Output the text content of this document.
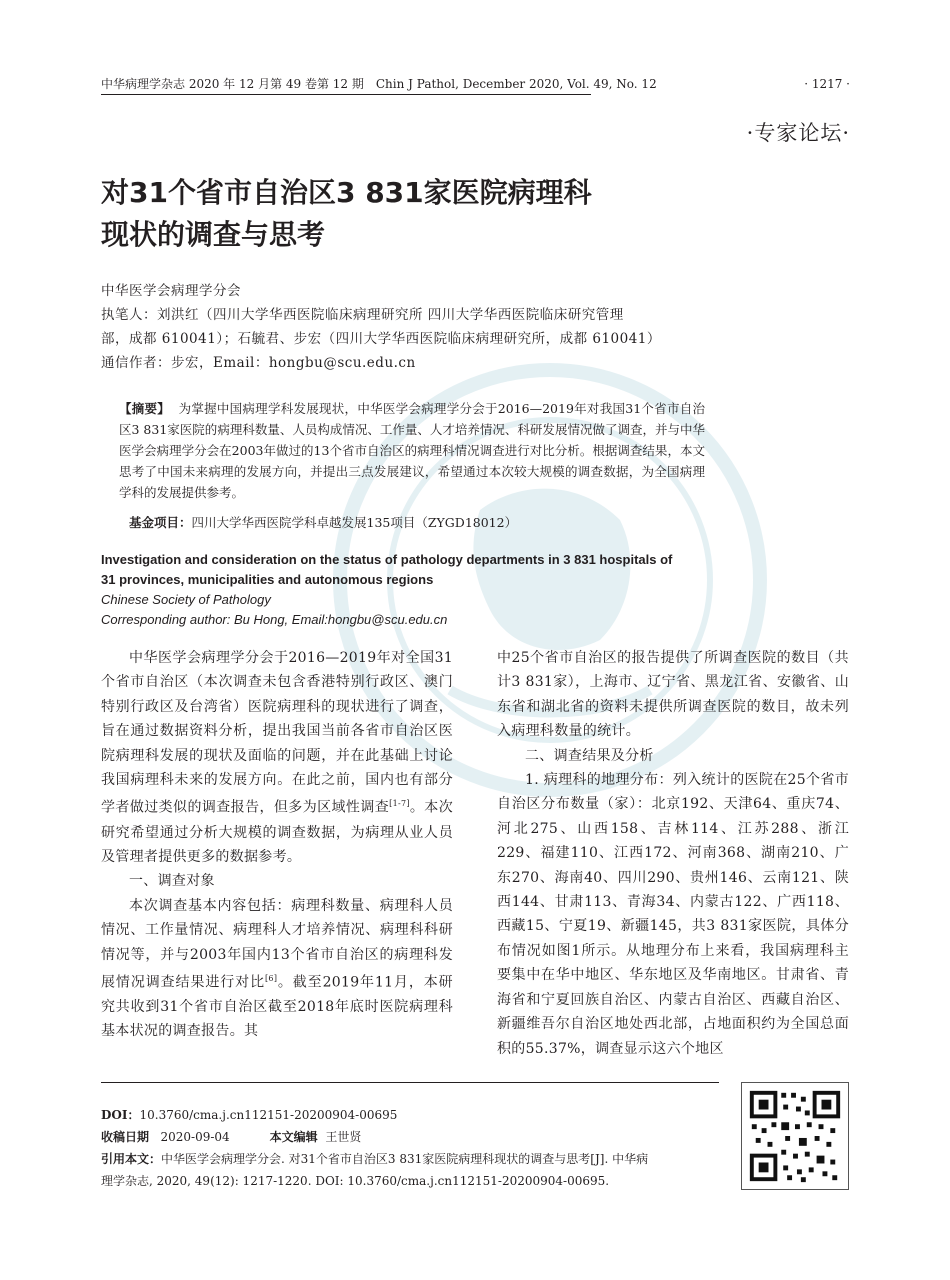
中华病理学杂志 2020 年 12 月第 49 卷第 12 期　Chin J Pathol, December 2020, Vol. 49, No. 12	· 1217 ·
·专家论坛·
对31个省市自治区3 831家医院病理科
现状的调查与思考
中华医学会病理学分会
执笔人：刘洪红（四川大学华西医院临床病理研究所 四川大学华西医院临床研究管理
部，成都 610041）；石毓君、步宏（四川大学华西医院临床病理研究所，成都 610041）
通信作者：步宏，Email：hongbu@scu.edu.cn
【摘要】 为掌握中国病理学科发展现状，中华医学会病理学分会于2016—2019年对我国31个省市自治区3 831家医院的病理科数量、人员构成情况、工作量、人才培养情况、科研发展情况做了调查，并与中华医学会病理学分会在2003年做过的13个省市自治区的病理科情况调查进行对比分析。根据调查结果，本文思考了中国未来病理的发展方向，并提出三点发展建议，希望通过本次较大规模的调查数据，为全国病理学科的发展提供参考。
基金项目：四川大学华西医院学科卓越发展135项目（ZYGD18012）
Investigation and consideration on the status of pathology departments in 3 831 hospitals of
31 provinces, municipalities and autonomous regions
Chinese Society of Pathology
Corresponding author: Bu Hong, Email:hongbu@scu.edu.cn

中华医学会病理学分会于2016—2019年对全国31个省市自治区（本次调查未包含香港特别行政区、澳门特别行政区及台湾省）医院病理科的现状进行了调查，旨在通过数据资料分析，提出我国当前各省市自治区医院病理科发展的现状及面临的问题，并在此基础上讨论我国病理科未来的发展方向。在此之前，国内也有部分学者做过类似的调查报告，但多为区域性调查[1-7]。本次研究希望通过分析大规模的调查数据，为病理从业人员及管理者提供更多的数据参考。

一、调查对象

本次调查基本内容包括：病理科数量、病理科人员情况、工作量情况、病理科人才培养情况、病理科科研情况等，并与2003年国内13个省市自治区的病理科发展情况调查结果进行对比[6]。截至2019年11月，本研究共收到31个省市自治区截至2018年底时医院病理科基本状况的调查报告。其

中25个省市自治区的报告提供了所调查医院的数目（共计3 831家），上海市、辽宁省、黑龙江省、安徽省、山东省和湖北省的资料未提供所调查医院的数目，故未列入病理科数量的统计。

二、调查结果及分析

1. 病理科的地理分布：列入统计的医院在25个省市自治区分布数量（家）：北京192、天津64、重庆74、河北275、山西158、吉林114、江苏288、浙江229、福建110、江西172、河南368、湖南210、广东270、海南40、四川290、贵州146、云南121、陕西144、甘肃113、青海34、内蒙古122、广西118、西藏15、宁夏19、新疆145，共3 831家医院，具体分布情况如图1所示。从地理分布上来看，我国病理科主要集中在华中地区、华东地区及华南地区。甘肃省、青海省和宁夏回族自治区、内蒙古自治区、西藏自治区、新疆维吾尔自治区地处西北部，占地面积约为全国总面积的55.37%，调查显示这六个地区

DOI：10.3760/cma.j.cn112151-20200904-00695
收稿日期 2020-09-04	本文编辑 王世贤
引用本文：中华医学会病理学分会. 对31个省市自治区3 831家医院病理科现状的调查与思考[J]. 中华病
理学杂志, 2020, 49(12): 1217-1220. DOI: 10.3760/cma.j.cn112151-20200904-00695.
